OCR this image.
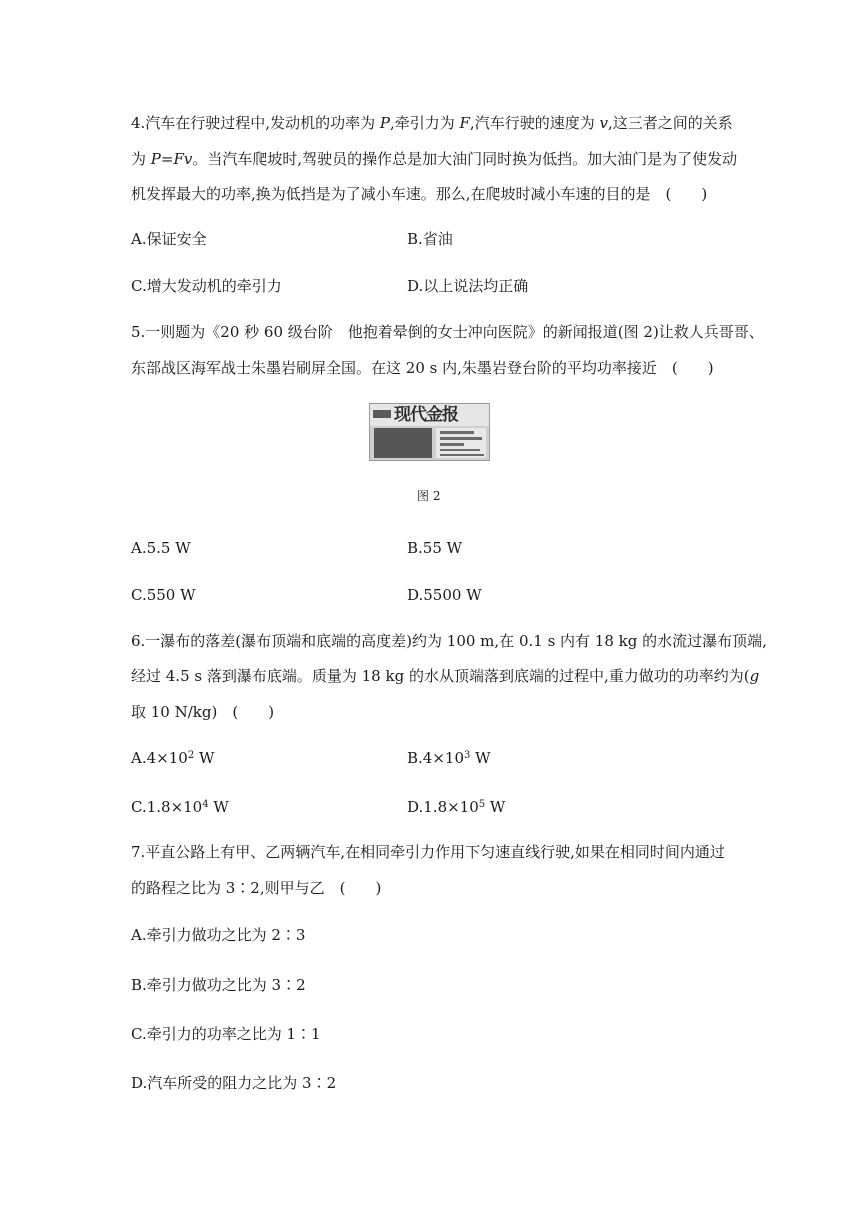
4.汽车在行驶过程中,发动机的功率为 P,牵引力为 F,汽车行驶的速度为 v,这三者之间的关系
为 P=Fv。当汽车爬坡时,驾驶员的操作总是加大油门同时换为低挡。加大油门是为了使发动
机发挥最大的功率,换为低挡是为了减小车速。那么,在爬坡时减小车速的目的是　(　　)
A.保证安全	B.省油
C.增大发动机的牵引力	D.以上说法均正确
5.一则题为《20 秒 60 级台阶　他抱着晕倒的女士冲向医院》的新闻报道(图 2)让救人兵哥哥、
东部战区海军战士朱墨岩刷屏全国。在这 20 s 内,朱墨岩登台阶的平均功率接近　(　　)
现代金报
图 2
A.5.5 W	B.55 W
C.550 W	D.5500 W
6.一瀑布的落差(瀑布顶端和底端的高度差)约为 100 m,在 0.1 s 内有 18 kg 的水流过瀑布顶端,
经过 4.5 s 落到瀑布底端。质量为 18 kg 的水从顶端落到底端的过程中,重力做功的功率约为(g
取 10 N/kg)　(　　)
$A.4\times 10^2$ W	$B.4\times 10^3$ W
$C.1.8\times 10^4$ W	$D.1.8\times 10^5$ W
7.平直公路上有甲、乙两辆汽车,在相同牵引力作用下匀速直线行驶,如果在相同时间内通过
的路程之比为 3∶2,则甲与乙　(　　)
A.牵引力做功之比为 2∶3
B.牵引力做功之比为 3∶2
C.牵引力的功率之比为 1∶1
D.汽车所受的阻力之比为 3∶2
